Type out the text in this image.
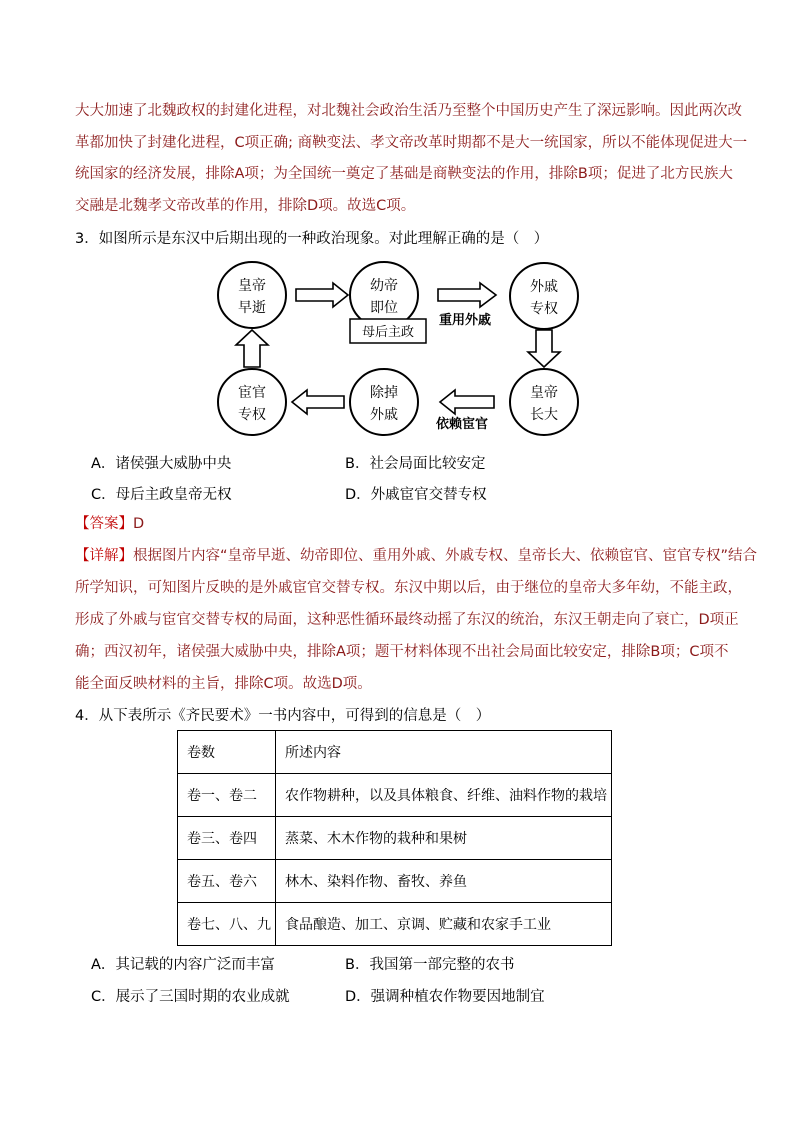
大大加速了北魏政权的封建化进程，对北魏社会政治生活乃至整个中国历史产生了深远影响。因此两次改
革都加快了封建化进程，C项正确; 商鞅变法、孝文帝改革时期都不是大一统国家，所以不能体现促进大一
统国家的经济发展，排除A项；为全国统一奠定了基础是商鞅变法的作用，排除B项；促进了北方民族大
交融是北魏孝文帝改革的作用，排除D项。故选C项。
3．如图所示是东汉中后期出现的一种政治现象。对此理解正确的是（　）
皇帝
早逝
幼帝
即位
外戚
专权
皇帝
长大
除掉
外戚
宦官
专权
母后主政
重用外戚
依赖宦官
A．诸侯强大威胁中央	B．社会局面比较安定
C．母后主政皇帝无权	D．外戚宦官交替专权
【答案】D
【详解】根据图片内容“皇帝早逝、幼帝即位、重用外戚、外戚专权、皇帝长大、依赖宦官、宦官专权”结合
所学知识，可知图片反映的是外戚宦官交替专权。东汉中期以后，由于继位的皇帝大多年幼，不能主政，
形成了外戚与宦官交替专权的局面，这种恶性循环最终动摇了东汉的统治，东汉王朝走向了衰亡，D项正
确；西汉初年，诸侯强大威胁中央，排除A项；题干材料体现不出社会局面比较安定，排除B项；C项不
能全面反映材料的主旨，排除C项。故选D项。
4．从下表所示《齐民要术》一书内容中，可得到的信息是（　）
卷数	所述内容
卷一、卷二	农作物耕种，以及具体粮食、纤维、油料作物的栽培
卷三、卷四	蒸菜、木木作物的栽种和果树
卷五、卷六	林木、染料作物、畜牧、养鱼
卷七、八、九	食品酿造、加工、京调、贮藏和农家手工业
A．其记载的内容广泛而丰富	B．我国第一部完整的农书
C．展示了三国时期的农业成就	D．强调种植农作物要因地制宜
